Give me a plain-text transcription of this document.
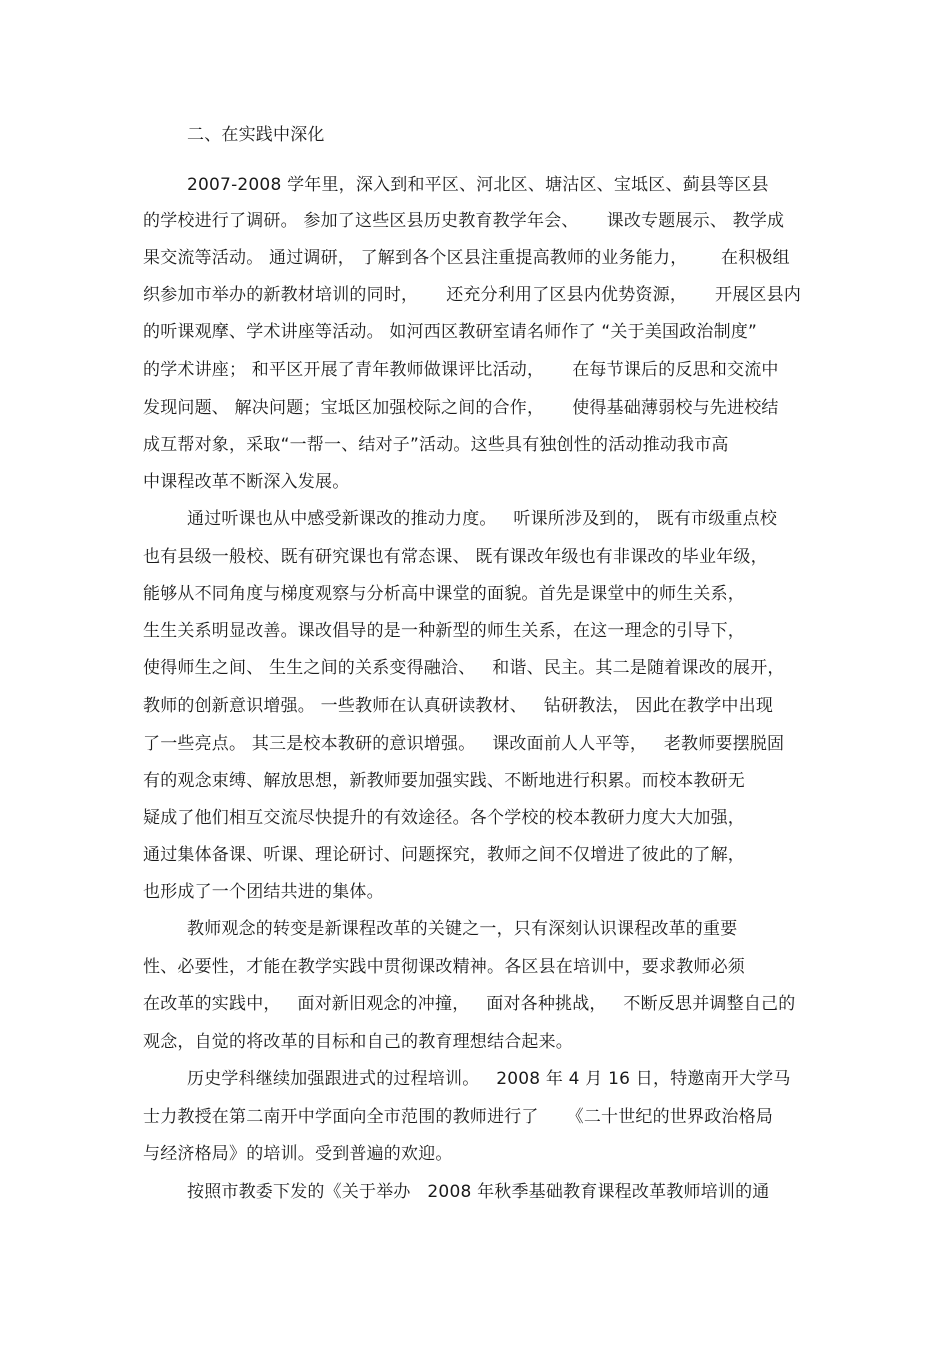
二、在实践中深化
2007-2008 学年里，深入到和平区、河北区、塘沽区、宝坻区、蓟县等区县
的学校进行了调研。 参加了这些区县历史教育教学年会、     课改专题展示、 教学成
果交流等活动。 通过调研， 了解到各个区县注重提高教师的业务能力，      在积极组
织参加市举办的新教材培训的同时，     还充分利用了区县内优势资源，     开展区县内
的听课观摩、学术讲座等活动。 如河西区教研室请名师作了 “关于美国政治制度”
的学术讲座； 和平区开展了青年教师做课评比活动，     在每节课后的反思和交流中
发现问题、 解决问题；宝坻区加强校际之间的合作，     使得基础薄弱校与先进校结
成互帮对象，采取“一帮一、结对子”活动。这些具有独创性的活动推动我市高
中课程改革不断深入发展。
通过听课也从中感受新课改的推动力度。   听课所涉及到的， 既有市级重点校
也有县级一般校、既有研究课也有常态课、 既有课改年级也有非课改的毕业年级，
能够从不同角度与梯度观察与分析高中课堂的面貌。首先是课堂中的师生关系，
生生关系明显改善。课改倡导的是一种新型的师生关系，在这一理念的引导下，
使得师生之间、 生生之间的关系变得融洽、   和谐、民主。其二是随着课改的展开，
教师的创新意识增强。 一些教师在认真研读教材、   钻研教法， 因此在教学中出现
了一些亮点。 其三是校本教研的意识增强。   课改面前人人平等，   老教师要摆脱固
有的观念束缚、解放思想，新教师要加强实践、不断地进行积累。而校本教研无
疑成了他们相互交流尽快提升的有效途径。各个学校的校本教研力度大大加强，
通过集体备课、听课、理论研讨、问题探究，教师之间不仅增进了彼此的了解，
也形成了一个团结共进的集体。
教师观念的转变是新课程改革的关键之一，只有深刻认识课程改革的重要
性、必要性，才能在教学实践中贯彻课改精神。各区县在培训中，要求教师必须
在改革的实践中，   面对新旧观念的冲撞，   面对各种挑战，   不断反思并调整自己的
观念，自觉的将改革的目标和自己的教育理想结合起来。
历史学科继续加强跟进式的过程培训。   2008 年 4 月 16 日，特邀南开大学马
士力教授在第二南开中学面向全市范围的教师进行了     《二十世纪的世界政治格局
与经济格局》的培训。受到普遍的欢迎。
按照市教委下发的《关于举办   2008 年秋季基础教育课程改革教师培训的通
